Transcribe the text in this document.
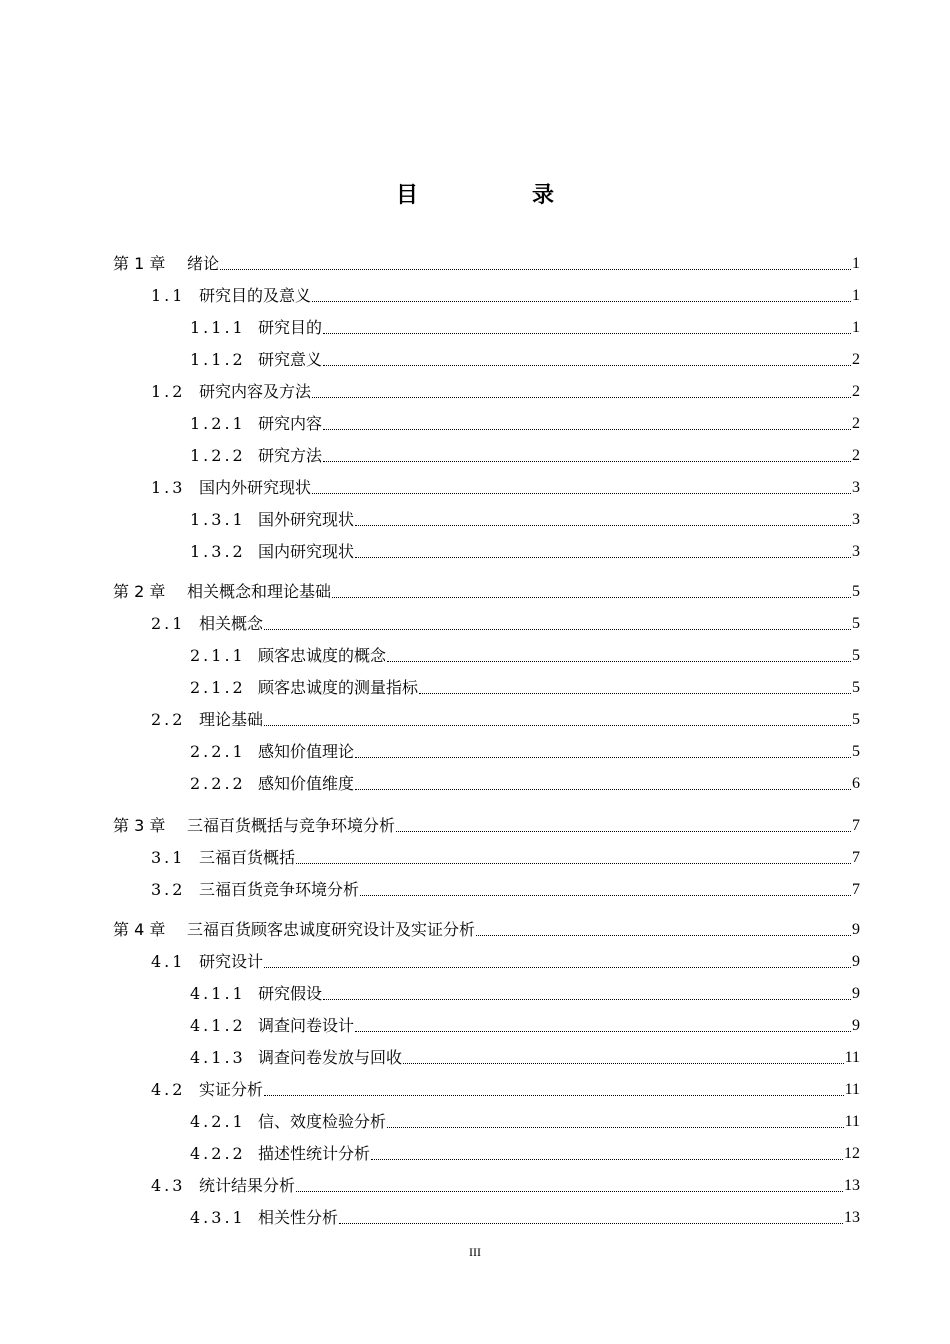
目　录
第 1 章	绪论	1
1.1 研究目的及意义	1
1.1.1 研究目的	1
1.1.2 研究意义	2
1.2 研究内容及方法	2
1.2.1 研究内容	2
1.2.2 研究方法	2
1.3 国内外研究现状	3
1.3.1 国外研究现状	3
1.3.2 国内研究现状	3
第 2 章	相关概念和理论基础	5
2.1 相关概念	5
2.1.1 顾客忠诚度的概念	5
2.1.2 顾客忠诚度的测量指标	5
2.2 理论基础	5
2.2.1 感知价值理论	5
2.2.2 感知价值维度	6
第 3 章	三福百货概括与竞争环境分析	7
3.1 三福百货概括	7
3.2 三福百货竞争环境分析	7
第 4 章	三福百货顾客忠诚度研究设计及实证分析	9
4.1 研究设计	9
4.1.1 研究假设	9
4.1.2 调查问卷设计	9
4.1.3 调查问卷发放与回收	11
4.2 实证分析	11
4.2.1 信、效度检验分析	11
4.2.2 描述性统计分析	12
4.3 统计结果分析	13
4.3.1 相关性分析	13
III
